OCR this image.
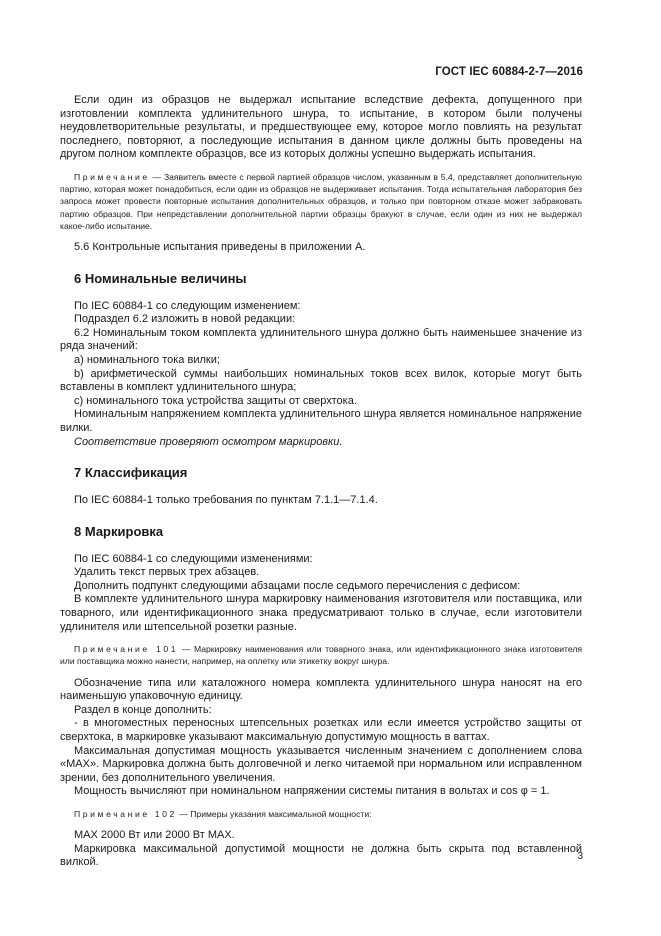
ГОСТ IEC 60884-2-7—2016

Если один из образцов не выдержал испытание вследствие дефекта, допущенного при изготовлении комплекта удлинительного шнура, то испытание, в котором были получены неудовлетворительные результаты, и предшествующее ему, которое могло повлиять на результат последнего, повторяют, а последующие испытания в данном цикле должны быть проведены на другом полном комплекте образцов, все из которых должны успешно выдержать испытания.

Примечание — Заявитель вместе с первой партией образцов числом, указанным в 5.4, представляет дополнительную партию, которая может понадобиться, если один из образцов не выдерживает испытания. Тогда испытательная лаборатория без запроса может провести повторные испытания дополнительных образцов, и только при повторном отказе может забраковать партию образцов. При непредставлении дополнительной партии образцы бракуют в случае, если один из них не выдержал какое-либо испытание.

5.6 Контрольные испытания приведены в приложении А.

6 Номинальные величины

По IEC 60884-1 со следующим изменением:

Подраздел 6.2 изложить в новой редакции:

6.2 Номинальным током комплекта удлинительного шнура должно быть наименьшее значение из ряда значений:

а) номинального тока вилки;

b) арифметической суммы наибольших номинальных токов всех вилок, которые могут быть вставлены в комплект удлинительного шнура;

с) номинального тока устройства защиты от сверхтока.

Номинальным напряжением комплекта удлинительного шнура является номинальное напряжение вилки.

Соответствие проверяют осмотром маркировки.

7 Классификация

По IEC 60884-1 только требования по пунктам 7.1.1—7.1.4.

8 Маркировка

По IEC 60884-1 со следующими изменениями:

Удалить текст первых трех абзацев.

Дополнить подпункт следующими абзацами после седьмого перечисления с дефисом:

В комплекте удлинительного шнура маркировку наименования изготовителя или поставщика, или товарного, или идентификационного знака предусматривают только в случае, если изготовители удлинителя или штепсельной розетки разные.

Примечание 101 — Маркировку наименования или товарного знака, или идентификационного знака изготовителя или поставщика можно нанести, например, на оплетку или этикетку вокруг шнура.

Обозначение типа или каталожного номера комплекта удлинительного шнура наносят на его наименьшую упаковочную единицу.

Раздел в конце дополнить:

- в многоместных переносных штепсельных розетках или если имеется устройство защиты от сверхтока, в маркировке указывают максимальную допустимую мощность в ваттах.

Максимальная допустимая мощность указывается численным значением с дополнением слова «MAX». Маркировка должна быть долговечной и легко читаемой при нормальном или исправленном зрении, без дополнительного увеличения.

Мощность вычисляют при номинальном напряжении системы питания в вольтах и cos φ = 1.

Примечание 102 — Примеры указания максимальной мощности:

MAX 2000 Вт или 2000 Вт MAX.

Маркировка максимальной допустимой мощности не должна быть скрыта под вставленной вилкой.	3
